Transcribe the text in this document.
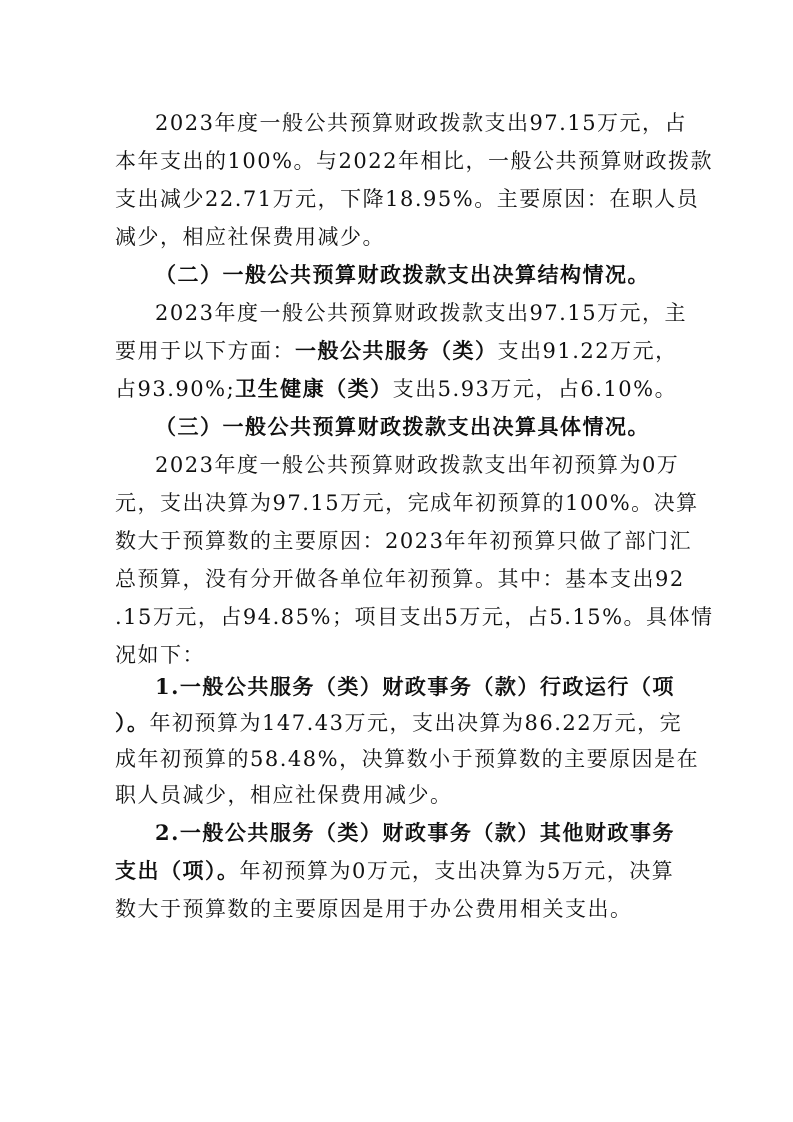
2023年度一般公共预算财政拨款支出97.15万元，占
本年支出的100%。与2022年相比，一般公共预算财政拨款
支出减少22.71万元，下降18.95%。主要原因：在职人员
减少，相应社保费用减少。
（二）一般公共预算财政拨款支出决算结构情况。
2023年度一般公共预算财政拨款支出97.15万元，主
要用于以下方面：一般公共服务（类）支出91.22万元，
占93.90%;卫生健康（类）支出5.93万元，占6.10%。
（三）一般公共预算财政拨款支出决算具体情况。
2023年度一般公共预算财政拨款支出年初预算为0万
元，支出决算为97.15万元，完成年初预算的100%。决算
数大于预算数的主要原因：2023年年初预算只做了部门汇
总预算，没有分开做各单位年初预算。其中：基本支出92
.15万元，占94.85%；项目支出5万元，占5.15%。具体情
况如下：
1.一般公共服务（类）财政事务（款）行政运行（项
）。年初预算为147.43万元，支出决算为86.22万元，完
成年初预算的58.48%，决算数小于预算数的主要原因是在
职人员减少，相应社保费用减少。
2.一般公共服务（类）财政事务（款）其他财政事务
支出（项）。年初预算为0万元，支出决算为5万元，决算
数大于预算数的主要原因是用于办公费用相关支出。
